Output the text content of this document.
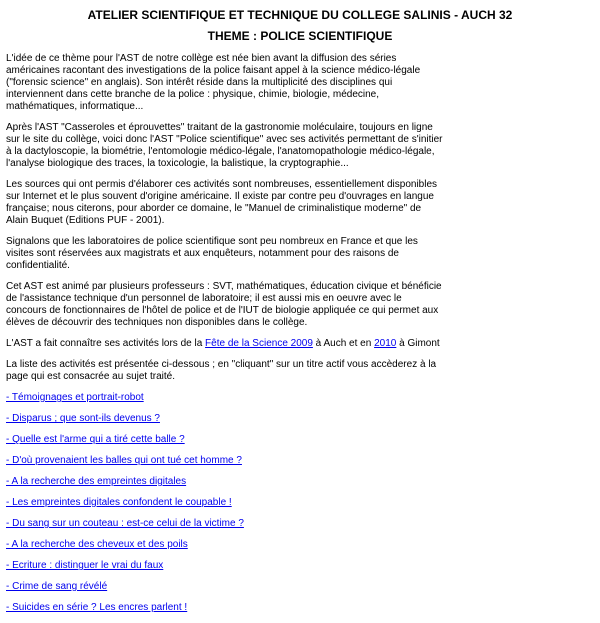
ATELIER SCIENTIFIQUE ET TECHNIQUE DU COLLEGE SALINIS - AUCH 32
THEME : POLICE SCIENTIFIQUE

L'idée de ce thème pour l'AST de notre collège est née bien avant la diffusion des séries américaines racontant des investigations de la police faisant appel à la science médico-légale ("forensic science" en anglais). Son intérêt réside dans la multiplicité des disciplines qui interviennent dans cette branche de la police : physique, chimie, biologie, médecine, mathématiques, informatique...

Après l'AST "Casseroles et éprouvettes" traitant de la gastronomie moléculaire, toujours en ligne sur le site du collège, voici donc l'AST "Police scientifique" avec ses activités permettant de s'initier à la dactyloscopie, la biométrie, l'entomologie médico-légale, l'anatomopathologie médico-légale, l'analyse biologique des traces, la toxicologie, la balistique, la cryptographie...

Les sources qui ont permis d'élaborer ces activités sont nombreuses, essentiellement disponibles sur Internet et le plus souvent d'origine américaine. Il existe par contre peu d'ouvrages en langue française; nous citerons, pour aborder ce domaine, le "Manuel de criminalistique moderne" de Alain Buquet (Editions PUF - 2001).

Signalons que les laboratoires de police scientifique sont peu nombreux en France et que les visites sont réservées aux magistrats et aux enquêteurs, notamment pour des raisons de confidentialité.

Cet AST est animé par plusieurs professeurs : SVT, mathématiques, éducation civique et bénéficie de l'assistance technique d'un personnel de laboratoire; il est aussi mis en oeuvre avec le concours de fonctionnaires de l'hôtel de police et de l'IUT de biologie appliquée ce qui permet aux élèves de découvrir des techniques non disponibles dans le collège.

L'AST a fait connaître ses activités lors de la Fête de la Science 2009 à Auch et en 2010 à Gimont

La liste des activités est présentée ci-dessous ; en "cliquant" sur un titre actif vous accèderez à la page qui est consacrée au sujet traité.

- Témoignages et portrait-robot
- Disparus ; que sont-ils devenus ?
- Quelle est l'arme qui a tiré cette balle ?
- D'où provenaient les balles qui ont tué cet homme ?
- A la recherche des empreintes digitales
- Les empreintes digitales confondent le coupable !
- Du sang sur un couteau : est-ce celui de la victime ?
- A la recherche des cheveux et des poils
- Ecriture : distinguer le vrai du faux
- Crime de sang révélé
- Suicides en série ? Les encres parlent !
